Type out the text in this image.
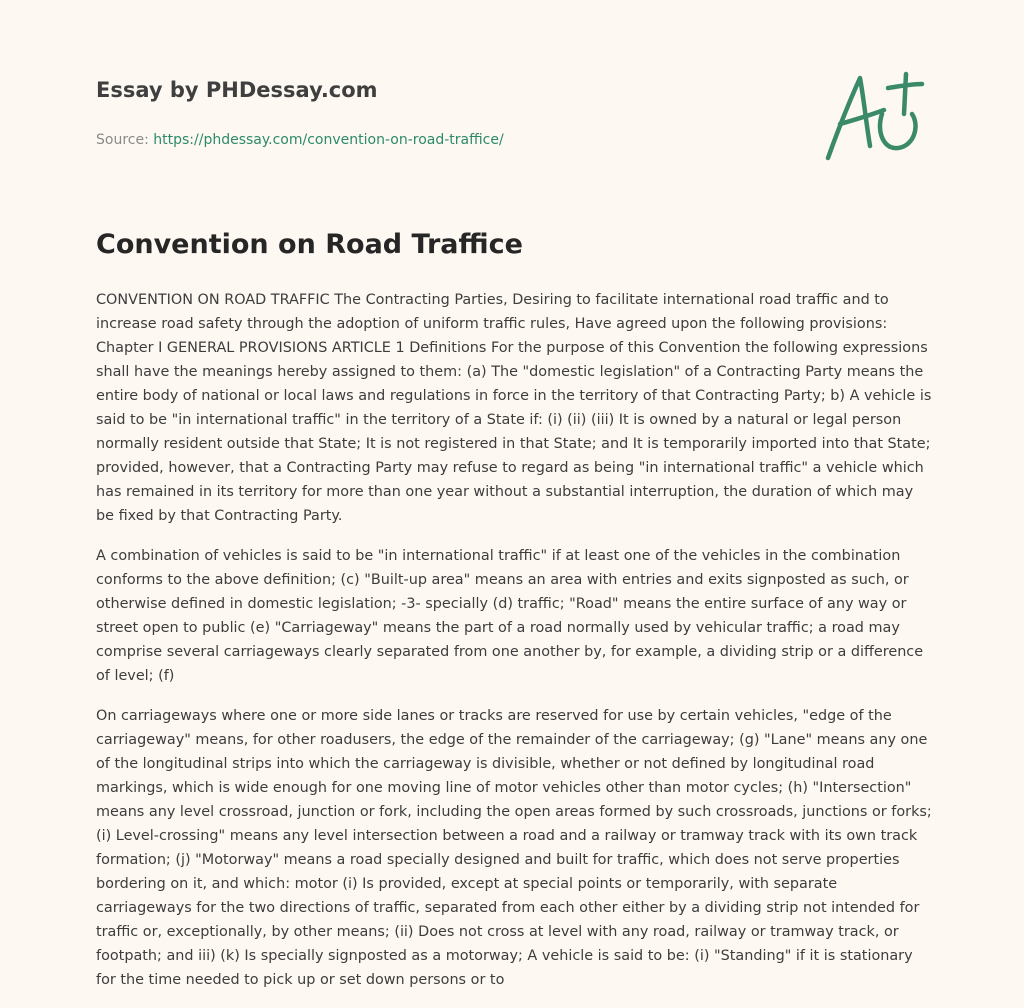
Essay by PHDessay.com
Source: https://phdessay.com/convention-on-road-traffice/
Convention on Road Traffice

CONVENTION ON ROAD TRAFFIC The Contracting Parties, Desiring to facilitate international road traffic and to increase road safety through the adoption of uniform traffic rules, Have agreed upon the following provisions: Chapter I GENERAL PROVISIONS ARTICLE 1 Definitions For the purpose of this Convention the following expressions shall have the meanings hereby assigned to them: (a) The "domestic legislation" of a Contracting Party means the entire body of national or local laws and regulations in force in the territory of that Contracting Party; b) A vehicle is said to be "in international traffic" in the territory of a State if: (i) (ii) (iii) It is owned by a natural or legal person normally resident outside that State; It is not registered in that State; and It is temporarily imported into that State; provided, however, that a Contracting Party may refuse to regard as being "in international traffic" a vehicle which has remained in its territory for more than one year without a substantial interruption, the duration of which may be fixed by that Contracting Party.

A combination of vehicles is said to be "in international traffic" if at least one of the vehicles in the combination conforms to the above definition; (c) "Built-up area" means an area with entries and exits signposted as such, or otherwise defined in domestic legislation; -3- specially (d) traffic; "Road" means the entire surface of any way or street open to public (e) "Carriageway" means the part of a road normally used by vehicular traffic; a road may comprise several carriageways clearly separated from one another by, for example, a dividing strip or a difference of level; (f)

On carriageways where one or more side lanes or tracks are reserved for use by certain vehicles, "edge of the carriageway" means, for other roadusers, the edge of the remainder of the carriageway; (g) "Lane" means any one of the longitudinal strips into which the carriageway is divisible, whether or not defined by longitudinal road markings, which is wide enough for one moving line of motor vehicles other than motor cycles; (h) "Intersection" means any level crossroad, junction or fork, including the open areas formed by such crossroads, junctions or forks; (i) Level-crossing" means any level intersection between a road and a railway or tramway track with its own track formation; (j) "Motorway" means a road specially designed and built for traffic, which does not serve properties bordering on it, and which: motor (i) Is provided, except at special points or temporarily, with separate carriageways for the two directions of traffic, separated from each other either by a dividing strip not intended for traffic or, exceptionally, by other means; (ii) Does not cross at level with any road, railway or tramway track, or footpath; and iii) (k) Is specially signposted as a motorway; A vehicle is said to be: (i) "Standing" if it is stationary for the time needed to pick up or set down persons or to
